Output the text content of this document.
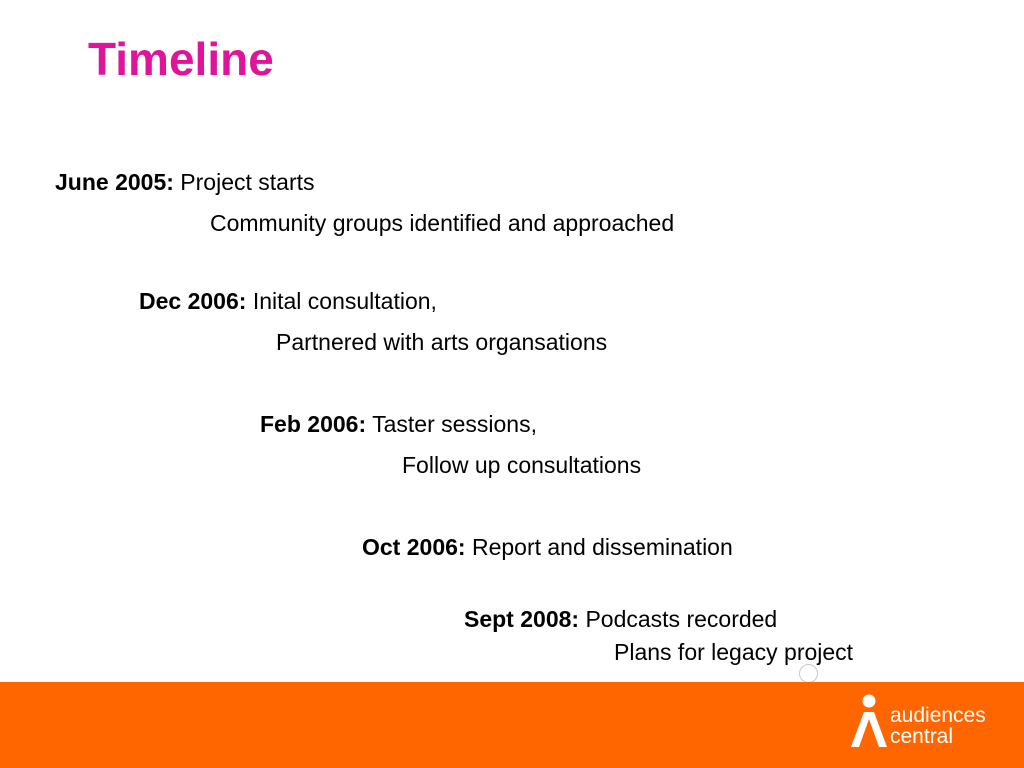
Timeline
June 2005: Project starts
Community groups identified and approached
Dec 2006: Inital consultation,
Partnered with arts organsations
Feb 2006: Taster sessions,
Follow up consultations
Oct 2006: Report and dissemination
Sept 2008: Podcasts recorded
Plans for legacy project
audiences
central
